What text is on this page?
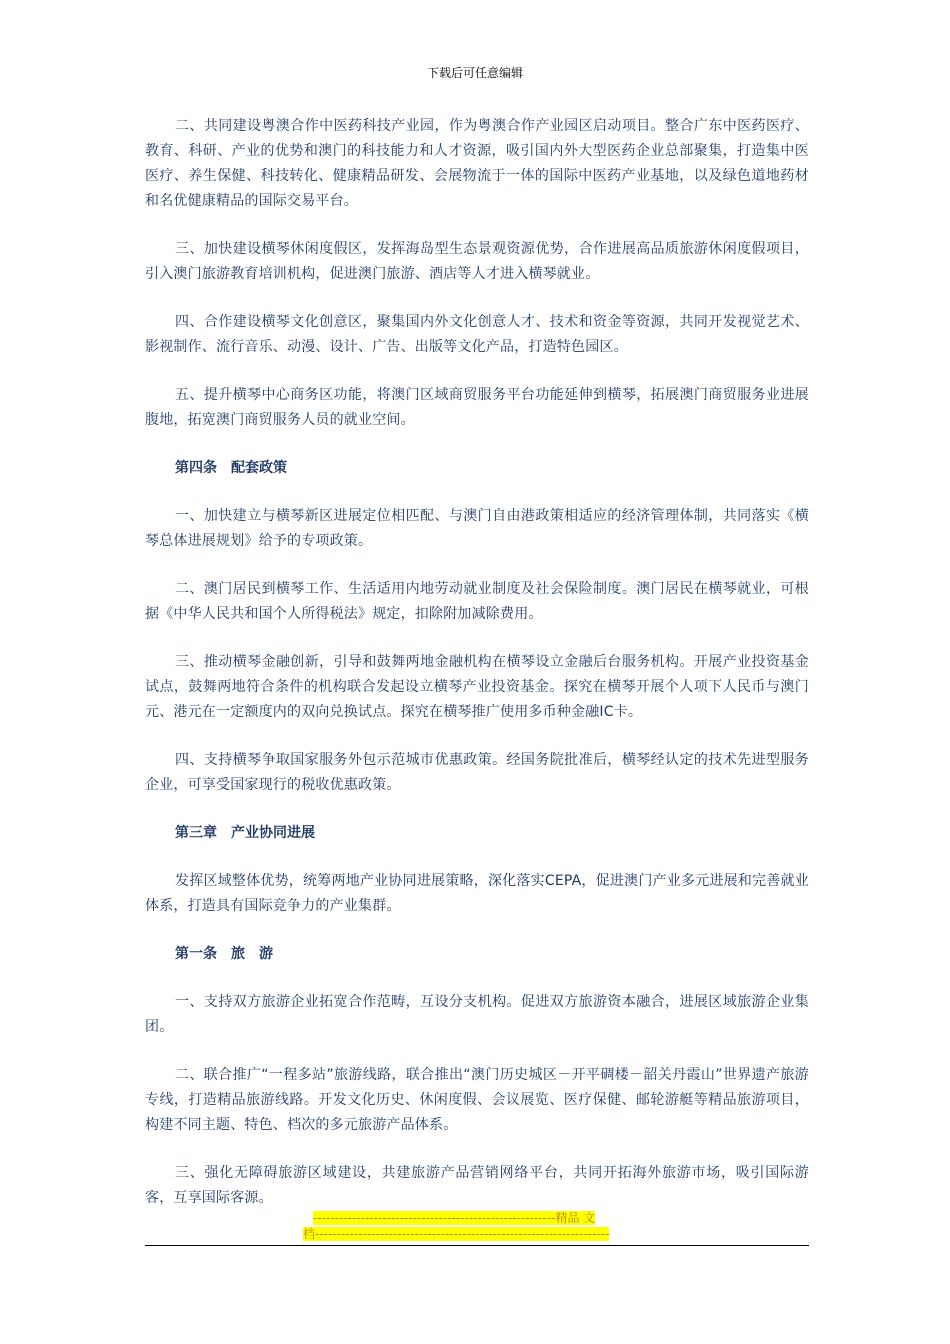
下载后可任意编辑

二、共同建设粤澳合作中医药科技产业园，作为粤澳合作产业园区启动项目。整合广东中医药医疗、教育、科研、产业的优势和澳门的科技能力和人才资源，吸引国内外大型医药企业总部聚集，打造集中医医疗、养生保健、科技转化、健康精品研发、会展物流于一体的国际中医药产业基地，以及绿色道地药材和名优健康精品的国际交易平台。

三、加快建设横琴休闲度假区，发挥海岛型生态景观资源优势，合作进展高品质旅游休闲度假项目，引入澳门旅游教育培训机构，促进澳门旅游、酒店等人才进入横琴就业。

四、合作建设横琴文化创意区，聚集国内外文化创意人才、技术和资金等资源，共同开发视觉艺术、影视制作、流行音乐、动漫、设计、广告、出版等文化产品，打造特色园区。

五、提升横琴中心商务区功能，将澳门区域商贸服务平台功能延伸到横琴，拓展澳门商贸服务业进展腹地，拓宽澳门商贸服务人员的就业空间。

第四条　配套政策

一、加快建立与横琴新区进展定位相匹配、与澳门自由港政策相适应的经济管理体制，共同落实《横琴总体进展规划》给予的专项政策。

二、澳门居民到横琴工作、生活适用内地劳动就业制度及社会保险制度。澳门居民在横琴就业，可根据《中华人民共和国个人所得税法》规定，扣除附加减除费用。

三、推动横琴金融创新，引导和鼓舞两地金融机构在横琴设立金融后台服务机构。开展产业投资基金试点，鼓舞两地符合条件的机构联合发起设立横琴产业投资基金。探究在横琴开展个人项下人民币与澳门元、港元在一定额度内的双向兑换试点。探究在横琴推广使用多币种金融IC卡。

四、支持横琴争取国家服务外包示范城市优惠政策。经国务院批准后，横琴经认定的技术先进型服务企业，可享受国家现行的税收优惠政策。

第三章　产业协同进展

发挥区域整体优势，统筹两地产业协同进展策略，深化落实CEPA，促进澳门产业多元进展和完善就业体系，打造具有国际竞争力的产业集群。

第一条　旅　游

一、支持双方旅游企业拓宽合作范畴，互设分支机构。促进双方旅游资本融合，进展区域旅游企业集团。

二、联合推广“一程多站”旅游线路，联合推出“澳门历史城区－开平碉楼－韶关丹霞山”世界遗产旅游专线，打造精品旅游线路。开发文化历史、休闲度假、会议展览、医疗保健、邮轮游艇等精品旅游项目，构建不同主题、特色、档次的多元旅游产品体系。

三、强化无障碍旅游区域建设，共建旅游产品营销网络平台，共同开拓海外旅游市场，吸引国际游客，互享国际客源。

--------------------------------------------------------精品 文
档--------------------------------------------------------------------
